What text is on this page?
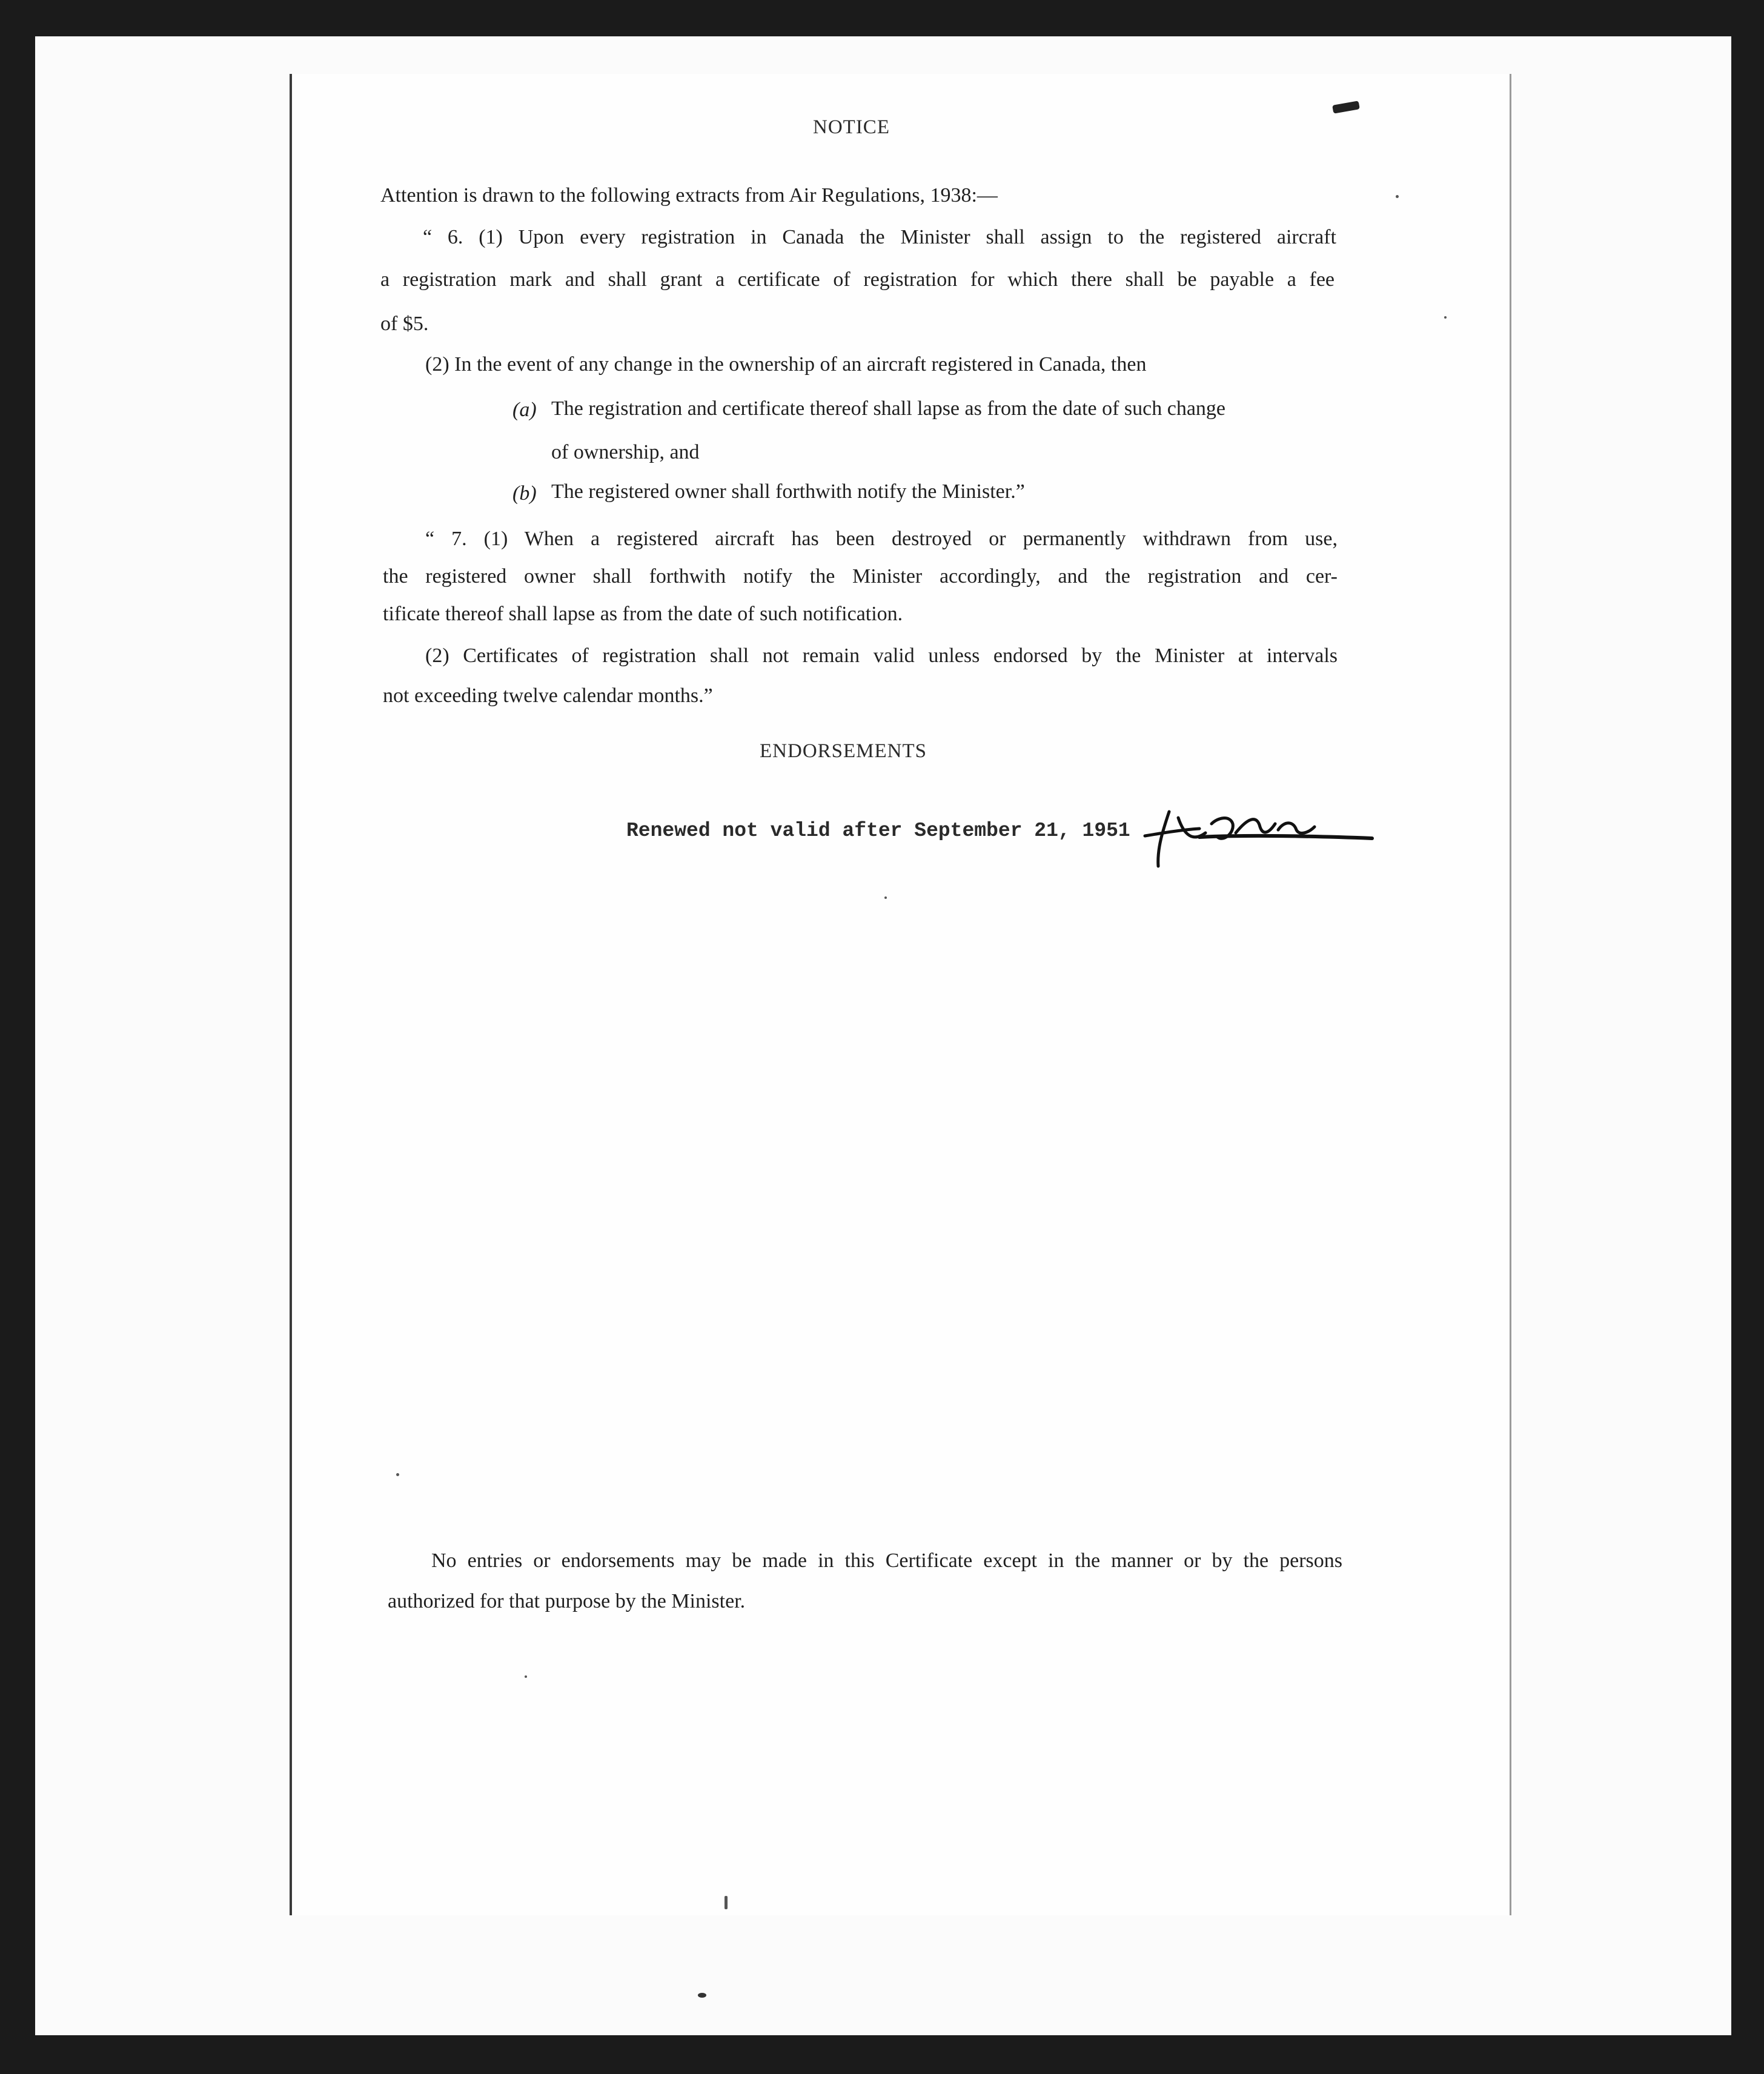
NOTICE
Attention is drawn to the following extracts from Air Regulations, 1938:—
“ 6. (1) Upon every registration in Canada the Minister shall assign to the registered aircraft
a registration mark and shall grant a certificate of registration for which there shall be payable a fee
of $5.
(2) In the event of any change in the ownership of an aircraft registered in Canada, then
(a) The registration and certificate thereof shall lapse as from the date of such change
of ownership, and
(b) The registered owner shall forthwith notify the Minister.”
“ 7. (1) When a registered aircraft has been destroyed or permanently withdrawn from use,
the registered owner shall forthwith notify the Minister accordingly, and the registration and cer-
tificate thereof shall lapse as from the date of such notification.
(2) Certificates of registration shall not remain valid unless endorsed by the Minister at intervals
not exceeding twelve calendar months.”
ENDORSEMENTS
Renewed not valid after September 21, 1951
No entries or endorsements may be made in this Certificate except in the manner or by the persons
authorized for that purpose by the Minister.
